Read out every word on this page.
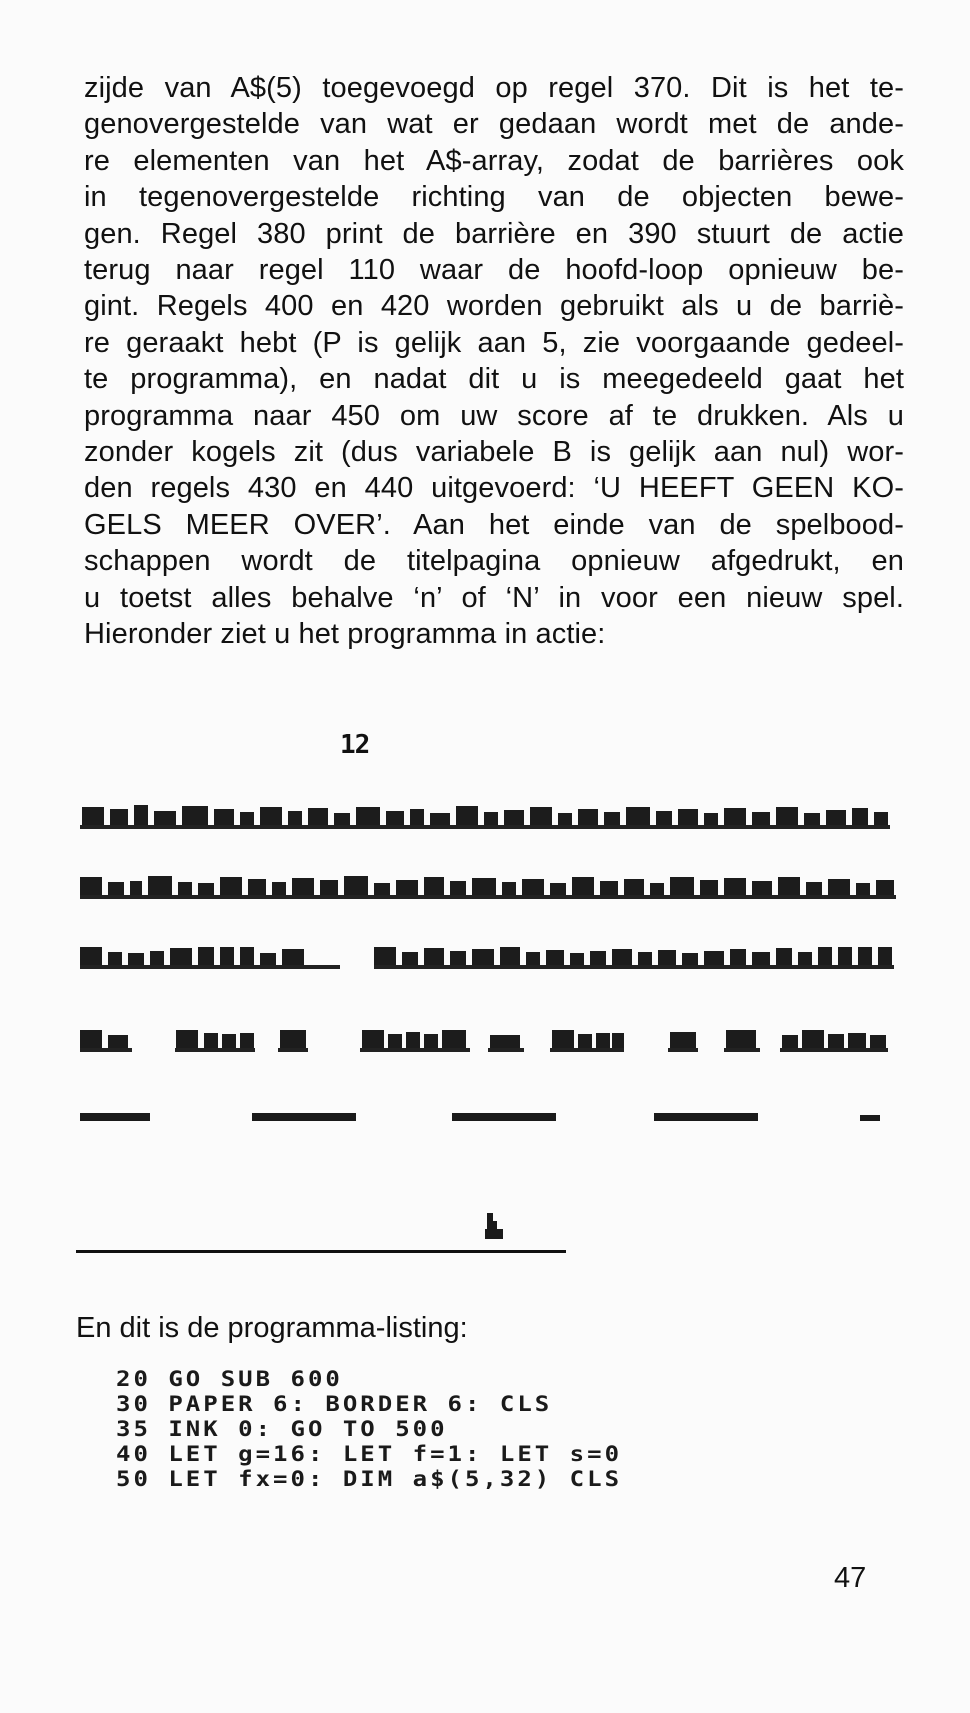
zijde van A$(5) toegevoegd op regel 370. Dit is het te-
genovergestelde van wat er gedaan wordt met de ande-
re elementen van het A$-array, zodat de barrières ook
in tegenovergestelde richting van de objecten bewe-
gen. Regel 380 print de barrière en 390 stuurt de actie
terug naar regel 110 waar de hoofd-loop opnieuw be-
gint. Regels 400 en 420 worden gebruikt als u de barriè-
re geraakt hebt (P is gelijk aan 5, zie voorgaande gedeel-
te programma), en nadat dit u is meegedeeld gaat het
programma naar 450 om uw score af te drukken. Als u
zonder kogels zit (dus variabele B is gelijk aan nul) wor-
den regels 430 en 440 uitgevoerd: ‘U HEEFT GEEN KO-
GELS MEER OVER’. Aan het einde van de spelbood-
schappen wordt de titelpagina opnieuw afgedrukt, en
u toetst alles behalve ‘n’ of ‘N’ in voor een nieuw spel.
Hieronder ziet u het programma in actie:
12
En dit is de programma-listing:
20 GO SUB 600
30 PAPER 6: BORDER 6: CLS
35 INK 0: GO TO 500
40 LET g=16: LET f=1: LET s=0
50 LET fx=0: DIM a$(5,32) CLS
47
